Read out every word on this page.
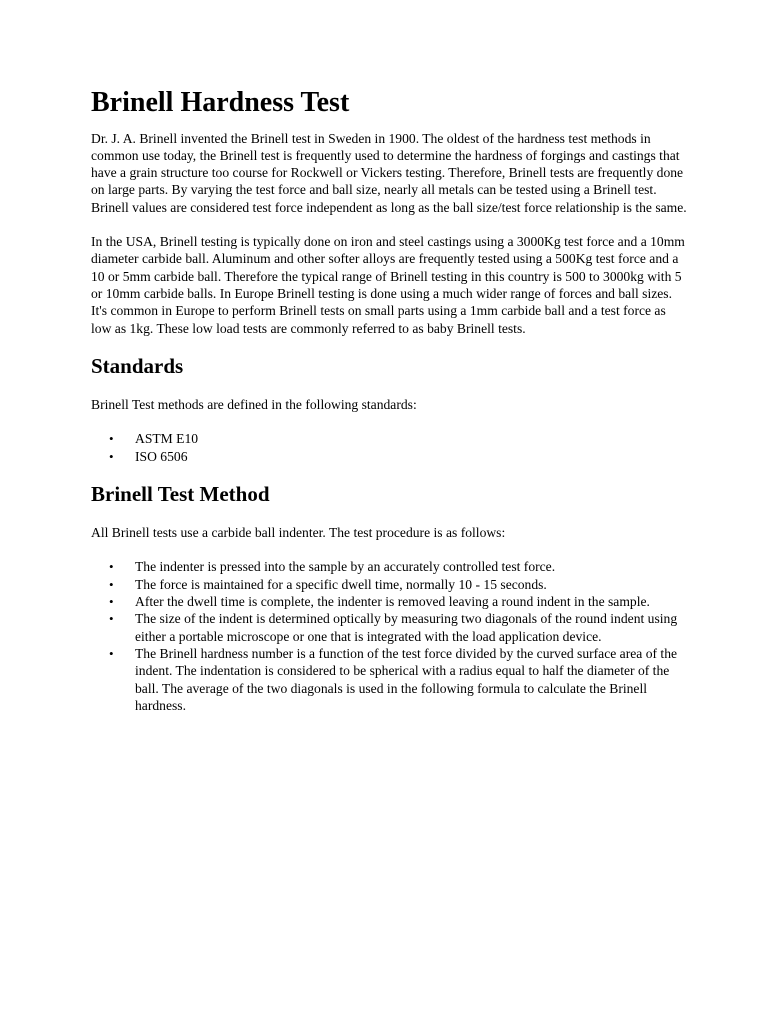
Brinell Hardness Test

Dr. J. A. Brinell invented the Brinell test in Sweden in 1900. The oldest of the hardness test methods in common use today, the Brinell test is frequently used to determine the hardness of forgings and castings that have a grain structure too course for Rockwell or Vickers testing. Therefore, Brinell tests are frequently done on large parts. By varying the test force and ball size, nearly all metals can be tested using a Brinell test. Brinell values are considered test force independent as long as the ball size/test force relationship is the same.

In the USA, Brinell testing is typically done on iron and steel castings using a 3000Kg test force and a 10mm diameter carbide ball. Aluminum and other softer alloys are frequently tested using a 500Kg test force and a 10 or 5mm carbide ball. Therefore the typical range of Brinell testing in this country is 500 to 3000kg with 5 or 10mm carbide balls. In Europe Brinell testing is done using a much wider range of forces and ball sizes. It's common in Europe to perform Brinell tests on small parts using a 1mm carbide ball and a test force as low as 1kg. These low load tests are commonly referred to as baby Brinell tests.

Standards

Brinell Test methods are defined in the following standards:

• ASTM E10
• ISO 6506
Brinell Test Method

All Brinell tests use a carbide ball indenter. The test procedure is as follows:

• The indenter is pressed into the sample by an accurately controlled test force.
• The force is maintained for a specific dwell time, normally 10 - 15 seconds.
• After the dwell time is complete, the indenter is removed leaving a round indent in the sample.
• The size of the indent is determined optically by measuring two diagonals of the round indent using either a portable microscope or one that is integrated with the load application device.
• The Brinell hardness number is a function of the test force divided by the curved surface area of the indent. The indentation is considered to be spherical with a radius equal to half the diameter of the ball. The average of the two diagonals is used in the following formula to calculate the Brinell hardness.
